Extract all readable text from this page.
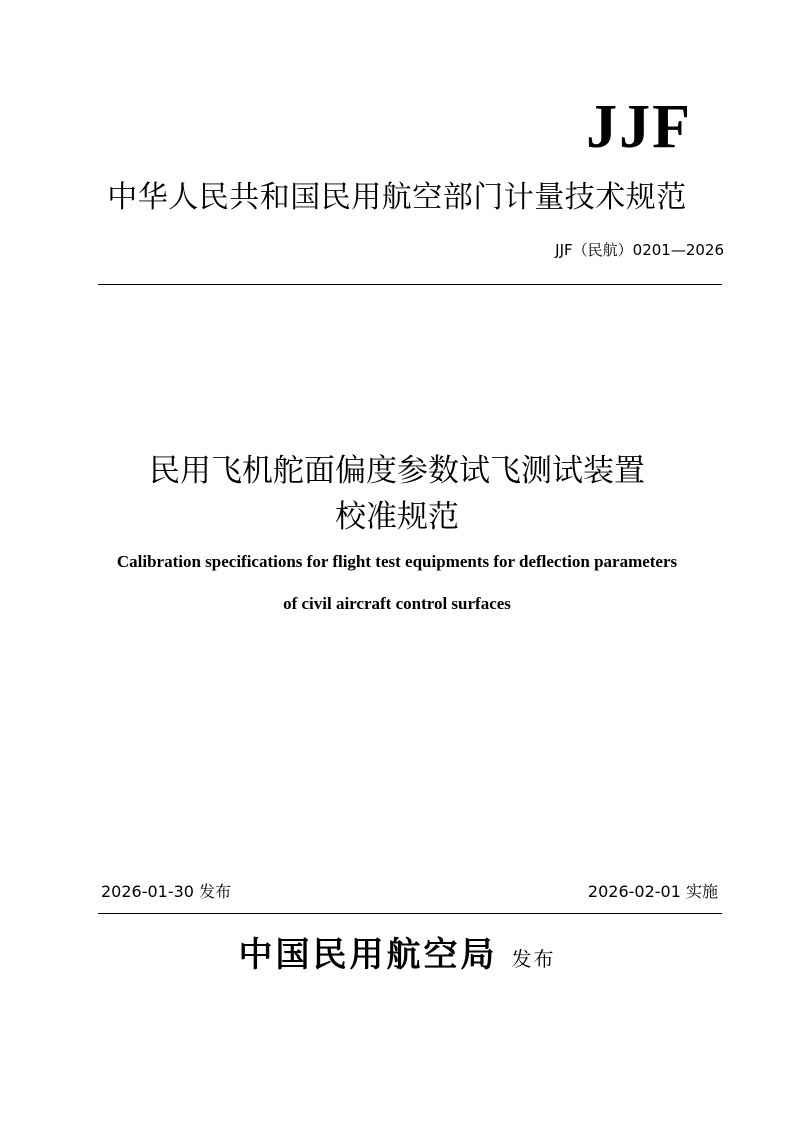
JJF
中华人民共和国民用航空部门计量技术规范
JJF（民航）0201—2026
民用飞机舵面偏度参数试飞测试装置
校准规范
Calibration specifications for flight test equipments for deflection parameters
of civil aircraft control surfaces
2026-01-30 发布	2026-02-01 实施
中国民用航空局 发布
